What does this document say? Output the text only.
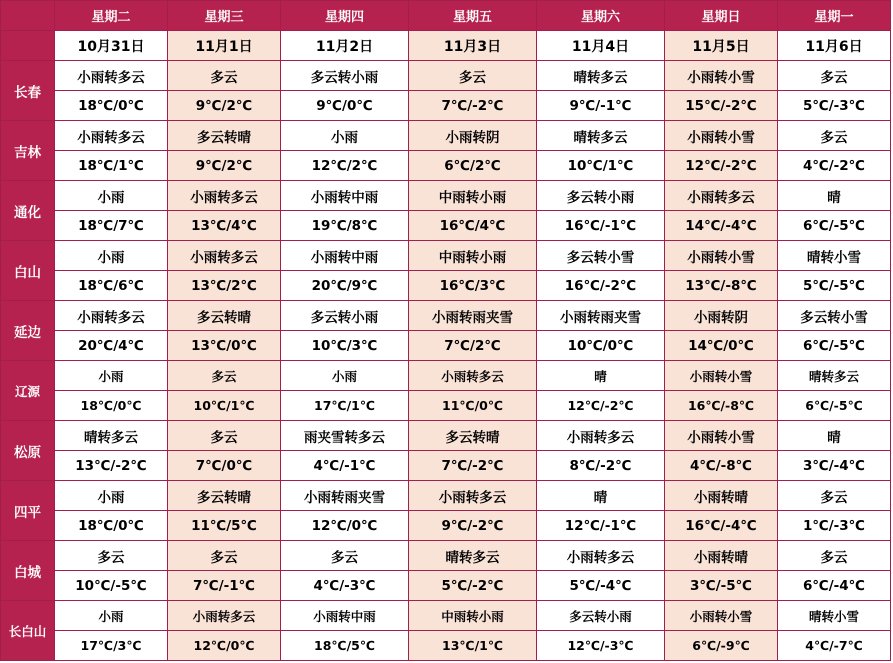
	星期二	星期三	星期四	星期五	星期六	星期日	星期一
	10月31日	11月1日	11月2日	11月3日	11月4日	11月5日	11月6日
长春	小雨转多云	多云	多云转小雨	多云	晴转多云	小雨转小雪	多云
	18℃/0℃	9℃/2℃	9℃/0℃	7℃/-2℃	9℃/-1℃	15℃/-2℃	5℃/-3℃
吉林	小雨转多云	多云转晴	小雨	小雨转阴	晴转多云	小雨转小雪	多云
	18℃/1℃	9℃/2℃	12℃/2℃	6℃/2℃	10℃/1℃	12℃/-2℃	4℃/-2℃
通化	小雨	小雨转多云	小雨转中雨	中雨转小雨	多云转小雨	小雨转多云	晴
	18℃/7℃	13℃/4℃	19℃/8℃	16℃/4℃	16℃/-1℃	14℃/-4℃	6℃/-5℃
白山	小雨	小雨转多云	小雨转中雨	中雨转小雨	多云转小雪	小雨转小雪	晴转小雪
	18℃/6℃	13℃/2℃	20℃/9℃	16℃/3℃	16℃/-2℃	13℃/-8℃	5℃/-5℃
延边	小雨转多云	多云转晴	多云转小雨	小雨转雨夹雪	小雨转雨夹雪	小雨转阴	多云转小雪
	20℃/4℃	13℃/0℃	10℃/3℃	7℃/2℃	10℃/0℃	14℃/0℃	6℃/-5℃
辽源	小雨	多云	小雨	小雨转多云	晴	小雨转小雪	晴转多云
	18℃/0℃	10℃/1℃	17℃/1℃	11℃/0℃	12℃/-2℃	16℃/-8℃	6℃/-5℃
松原	晴转多云	多云	雨夹雪转多云	多云转晴	小雨转多云	小雨转小雪	晴
	13℃/-2℃	7℃/0℃	4℃/-1℃	7℃/-2℃	8℃/-2℃	4℃/-8℃	3℃/-4℃
四平	小雨	多云转晴	小雨转雨夹雪	小雨转多云	晴	小雨转晴	多云
	18℃/0℃	11℃/5℃	12℃/0℃	9℃/-2℃	12℃/-1℃	16℃/-4℃	1℃/-3℃
白城	多云	多云	多云	晴转多云	小雨转多云	小雨转晴	多云
	10℃/-5℃	7℃/-1℃	4℃/-3℃	5℃/-2℃	5℃/-4℃	3℃/-5℃	6℃/-4℃
长白山	小雨	小雨转多云	小雨转中雨	中雨转小雨	多云转小雨	小雨转小雪	晴转小雪
	17℃/3℃	12℃/0℃	18℃/5℃	13℃/1℃	12℃/-3℃	6℃/-9℃	4℃/-7℃
